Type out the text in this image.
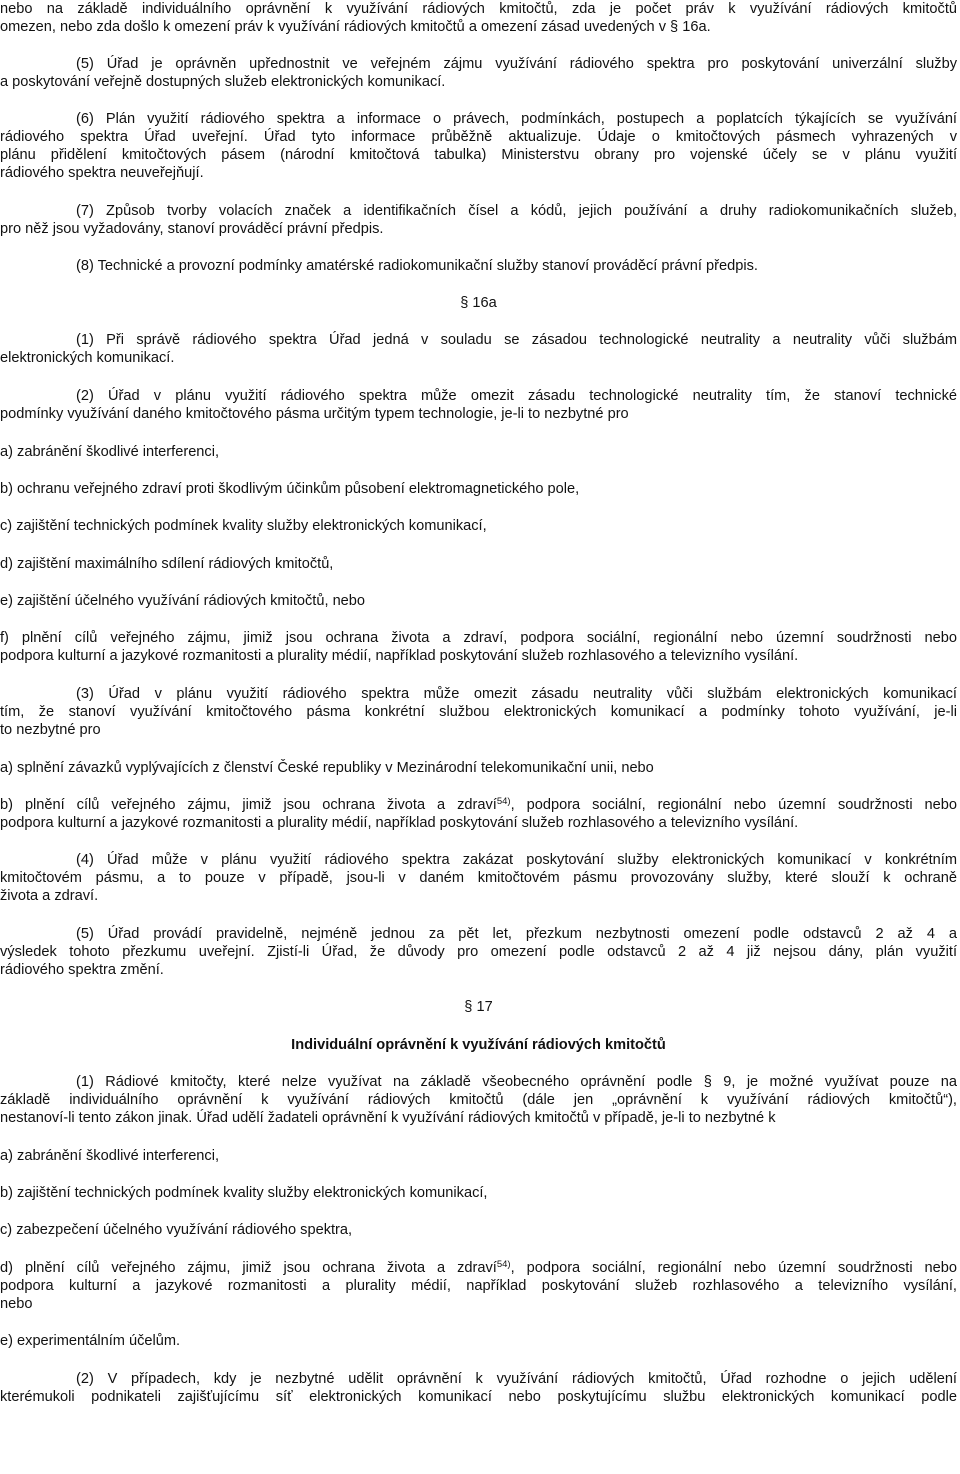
nebo na základě individuálního oprávnění k využívání rádiových kmitočtů, zda je počet práv k využívání rádiových kmitočtů
omezen, nebo zda došlo k omezení práv k využívání rádiových kmitočtů a omezení zásad uvedených v § 16a.
(5) Úřad je oprávněn upřednostnit ve veřejném zájmu využívání rádiového spektra pro poskytování univerzální služby
a poskytování veřejně dostupných služeb elektronických komunikací.
(6) Plán využití rádiového spektra a informace o právech, podmínkách, postupech a poplatcích týkajících se využívání
rádiového spektra Úřad uveřejní. Úřad tyto informace průběžně aktualizuje. Údaje o kmitočtových pásmech vyhrazených v
plánu přidělení kmitočtových pásem (národní kmitočtová tabulka) Ministerstvu obrany pro vojenské účely se v plánu využití
rádiového spektra neuveřejňují.
(7) Způsob tvorby volacích značek a identifikačních čísel a kódů, jejich používání a druhy radiokomunikačních služeb,
pro něž jsou vyžadovány, stanoví prováděcí právní předpis.
(8) Technické a provozní podmínky amatérské radiokomunikační služby stanoví prováděcí právní předpis.
§ 16a
(1) Při správě rádiového spektra Úřad jedná v souladu se zásadou technologické neutrality a neutrality vůči službám
elektronických komunikací.
(2) Úřad v plánu využití rádiového spektra může omezit zásadu technologické neutrality tím, že stanoví technické
podmínky využívání daného kmitočtového pásma určitým typem technologie, je-li to nezbytné pro
a) zabránění škodlivé interferenci,
b) ochranu veřejného zdraví proti škodlivým účinkům působení elektromagnetického pole,
c) zajištění technických podmínek kvality služby elektronických komunikací,
d) zajištění maximálního sdílení rádiových kmitočtů,
e) zajištění účelného využívání rádiových kmitočtů, nebo
f) plnění cílů veřejného zájmu, jimiž jsou ochrana života a zdraví, podpora sociální, regionální nebo územní soudržnosti nebo
podpora kulturní a jazykové rozmanitosti a plurality médií, například poskytování služeb rozhlasového a televizního vysílání.
(3) Úřad v plánu využití rádiového spektra může omezit zásadu neutrality vůči službám elektronických komunikací
tím, že stanoví využívání kmitočtového pásma konkrétní službou elektronických komunikací a podmínky tohoto využívání, je-li
to nezbytné pro
a) splnění závazků vyplývajících z členství České republiky v Mezinárodní telekomunikační unii, nebo
b) plnění cílů veřejného zájmu, jimiž jsou ochrana života a zdraví$^{54)}$, podpora sociální, regionální nebo územní soudržnosti nebo
podpora kulturní a jazykové rozmanitosti a plurality médií, například poskytování služeb rozhlasového a televizního vysílání.
(4) Úřad může v plánu využití rádiového spektra zakázat poskytování služby elektronických komunikací v konkrétním
kmitočtovém pásmu, a to pouze v případě, jsou-li v daném kmitočtovém pásmu provozovány služby, které slouží k ochraně
života a zdraví.
(5) Úřad provádí pravidelně, nejméně jednou za pět let, přezkum nezbytnosti omezení podle odstavců 2 až 4 a
výsledek tohoto přezkumu uveřejní. Zjistí-li Úřad, že důvody pro omezení podle odstavců 2 až 4 již nejsou dány, plán využití
rádiového spektra změní.
§ 17
Individuální oprávnění k využívání rádiových kmitočtů
(1) Rádiové kmitočty, které nelze využívat na základě všeobecného oprávnění podle § 9, je možné využívat pouze na
základě individuálního oprávnění k využívání rádiových kmitočtů (dále jen „oprávnění k využívání rádiových kmitočtů“),
nestanoví-li tento zákon jinak. Úřad udělí žadateli oprávnění k využívání rádiových kmitočtů v případě, je-li to nezbytné k
a) zabránění škodlivé interferenci,
b) zajištění technických podmínek kvality služby elektronických komunikací,
c) zabezpečení účelného využívání rádiového spektra,
d) plnění cílů veřejného zájmu, jimiž jsou ochrana života a zdraví$^{54)}$, podpora sociální, regionální nebo územní soudržnosti nebo
podpora kulturní a jazykové rozmanitosti a plurality médií, například poskytování služeb rozhlasového a televizního vysílání,
nebo
e) experimentálním účelům.
(2) V případech, kdy je nezbytné udělit oprávnění k využívání rádiových kmitočtů, Úřad rozhodne o jejich udělení
kterémukoli podnikateli zajišťujícímu síť elektronických komunikací nebo poskytujícímu službu elektronických komunikací podle
